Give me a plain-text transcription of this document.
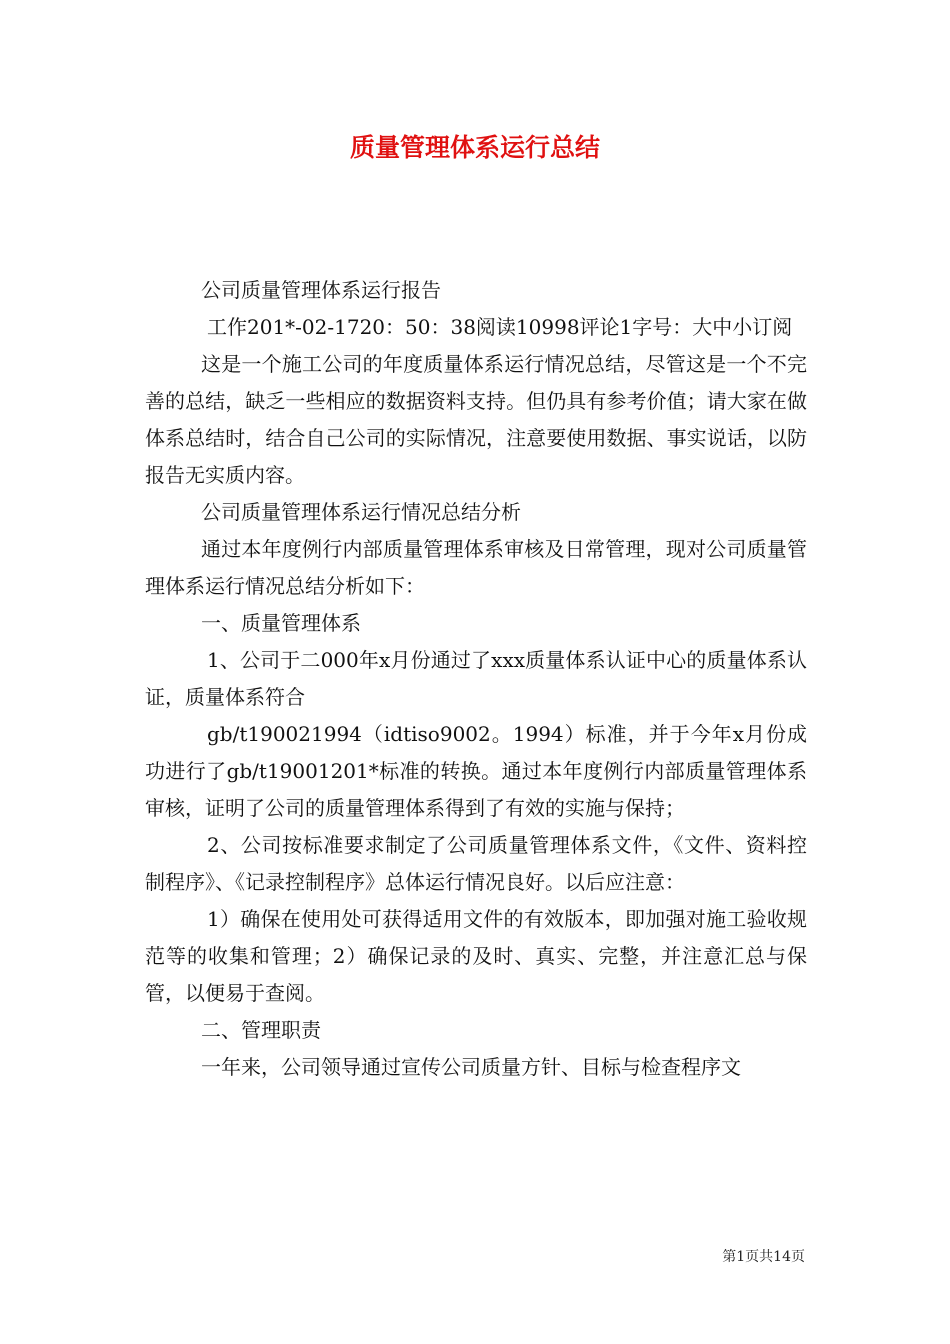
质量管理体系运行总结

公司质量管理体系运行报告

工作201*-02-1720：50：38阅读10998评论1字号：大中小订阅

这是一个施工公司的年度质量体系运行情况总结，尽管这是一个不完善的总结，缺乏一些相应的数据资料支持。但仍具有参考价值；请大家在做体系总结时，结合自己公司的实际情况，注意要使用数据、事实说话，以防报告无实质内容。

公司质量管理体系运行情况总结分析

通过本年度例行内部质量管理体系审核及日常管理，现对公司质量管理体系运行情况总结分析如下：

一、质量管理体系

1、公司于二000年x月份通过了xxx质量体系认证中心的质量体系认证，质量体系符合

gb/t190021994（idtiso9002。1994）标准，并于今年x月份成功进行了gb/t19001201*标准的转换。通过本年度例行内部质量管理体系审核，证明了公司的质量管理体系得到了有效的实施与保持；

2、公司按标准要求制定了公司质量管理体系文件，《文件、资料控制程序》、《记录控制程序》总体运行情况良好。以后应注意：

1）确保在使用处可获得适用文件的有效版本，即加强对施工验收规范等的收集和管理；2）确保记录的及时、真实、完整，并注意汇总与保管，以便易于查阅。

二、管理职责

一年来，公司领导通过宣传公司质量方针、目标与检查程序文

第1页共14页
